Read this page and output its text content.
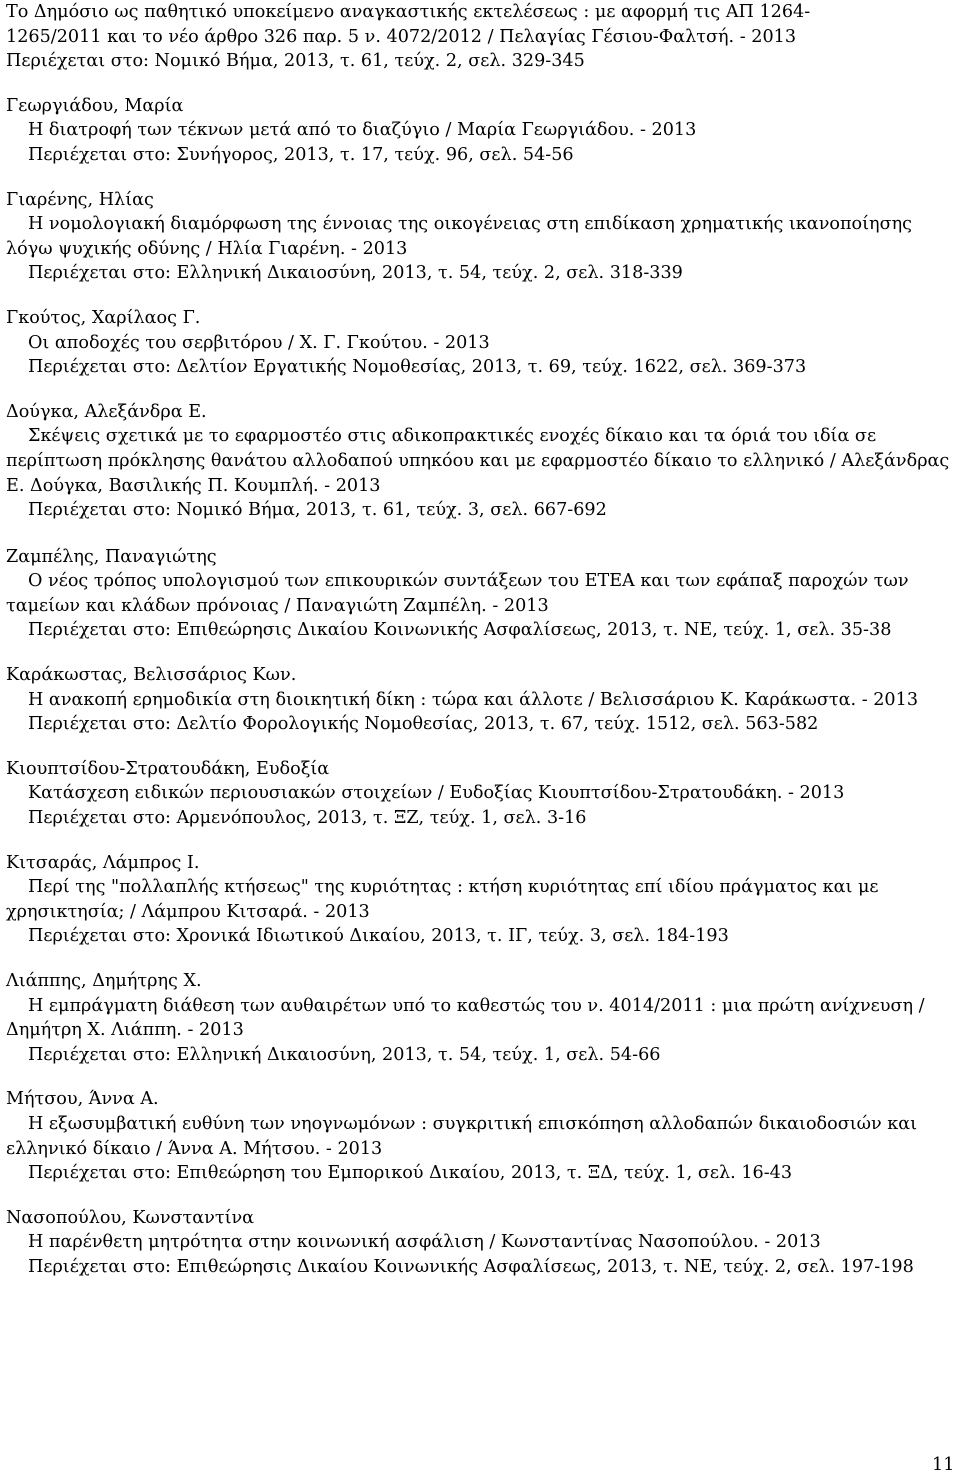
Το Δημόσιο ως παθητικό υποκείμενο αναγκαστικής εκτελέσεως : με αφορμή τις ΑΠ 1264-
1265/2011 και το νέο άρθρο 326 παρ. 5 ν. 4072/2012 / Πελαγίας Γέσιου-Φαλτσή. - 2013
Περιέχεται στο: Νομικό Βήμα, 2013, τ. 61, τεύχ. 2, σελ. 329-345
Γεωργιάδου, Μαρία
Η διατροφή των τέκνων μετά από το διαζύγιο / Μαρία Γεωργιάδου. - 2013
Περιέχεται στο: Συνήγορος, 2013, τ. 17, τεύχ. 96, σελ. 54-56
Γιαρένης, Ηλίας
Η νομολογιακή διαμόρφωση της έννοιας της οικογένειας στη επιδίκαση χρηματικής ικανοποίησης λόγω ψυχικής οδύνης / Ηλία Γιαρένη. - 2013
Περιέχεται στο: Ελληνική Δικαιοσύνη, 2013, τ. 54, τεύχ. 2, σελ. 318-339
Γκούτος, Χαρίλαος Γ.
Οι αποδοχές του σερβιτόρου / Χ. Γ. Γκούτου. - 2013
Περιέχεται στο: Δελτίον Εργατικής Νομοθεσίας, 2013, τ. 69, τεύχ. 1622, σελ. 369-373
Δούγκα, Αλεξάνδρα Ε.
Σκέψεις σχετικά με το εφαρμοστέο στις αδικοπρακτικές ενοχές δίκαιο και τα όριά του ιδία σε περίπτωση πρόκλησης θανάτου αλλοδαπού υπηκόου και με εφαρμοστέο δίκαιο το ελληνικό / Αλεξάνδρας Ε. Δούγκα, Βασιλικής Π. Κουμπλή. - 2013
Περιέχεται στο: Νομικό Βήμα, 2013, τ. 61, τεύχ. 3, σελ. 667-692
Ζαμπέλης, Παναγιώτης
Ο νέος τρόπος υπολογισμού των επικουρικών συντάξεων του ΕΤΕΑ και των εφάπαξ παροχών των ταμείων και κλάδων πρόνοιας / Παναγιώτη Ζαμπέλη. - 2013
Περιέχεται στο: Επιθεώρησις Δικαίου Κοινωνικής Ασφαλίσεως, 2013, τ. ΝΕ, τεύχ. 1, σελ. 35-38
Καράκωστας, Βελισσάριος Κων.
Η ανακοπή ερημοδικία στη διοικητική δίκη : τώρα και άλλοτε / Βελισσάριου Κ. Καράκωστα. - 2013
Περιέχεται στο: Δελτίο Φορολογικής Νομοθεσίας, 2013, τ. 67, τεύχ. 1512, σελ. 563-582
Κιουπτσίδου-Στρατουδάκη, Ευδοξία
Κατάσχεση ειδικών περιουσιακών στοιχείων / Ευδοξίας Κιουπτσίδου-Στρατουδάκη. - 2013
Περιέχεται στο: Αρμενόπουλος, 2013, τ. ΞΖ, τεύχ. 1, σελ. 3-16
Κιτσαράς, Λάμπρος Ι.
Περί της "πολλαπλής κτήσεως" της κυριότητας : κτήση κυριότητας επί ιδίου πράγματος και με χρησικτησία; / Λάμπρου Κιτσαρά. - 2013
Περιέχεται στο: Χρονικά Ιδιωτικού Δικαίου, 2013, τ. ΙΓ, τεύχ. 3, σελ. 184-193
Λιάππης, Δημήτρης Χ.
Η εμπράγματη διάθεση των αυθαιρέτων υπό το καθεστώς του ν. 4014/2011 : μια πρώτη ανίχνευση / Δημήτρη Χ. Λιάππη. - 2013
Περιέχεται στο: Ελληνική Δικαιοσύνη, 2013, τ. 54, τεύχ. 1, σελ. 54-66
Μήτσου, Άννα Α.
Η εξωσυμβατική ευθύνη των νηογνωμόνων : συγκριτική επισκόπηση αλλοδαπών δικαιοδοσιών και ελληνικό δίκαιο / Άννα Α. Μήτσου. - 2013
Περιέχεται στο: Επιθεώρηση του Εμπορικού Δικαίου, 2013, τ. ΞΔ, τεύχ. 1, σελ. 16-43
Νασοπούλου, Κωνσταντίνα
Η παρένθετη μητρότητα στην κοινωνική ασφάλιση / Κωνσταντίνας Νασοπούλου. - 2013
Περιέχεται στο: Επιθεώρησις Δικαίου Κοινωνικής Ασφαλίσεως, 2013, τ. ΝΕ, τεύχ. 2, σελ. 197-198
11
